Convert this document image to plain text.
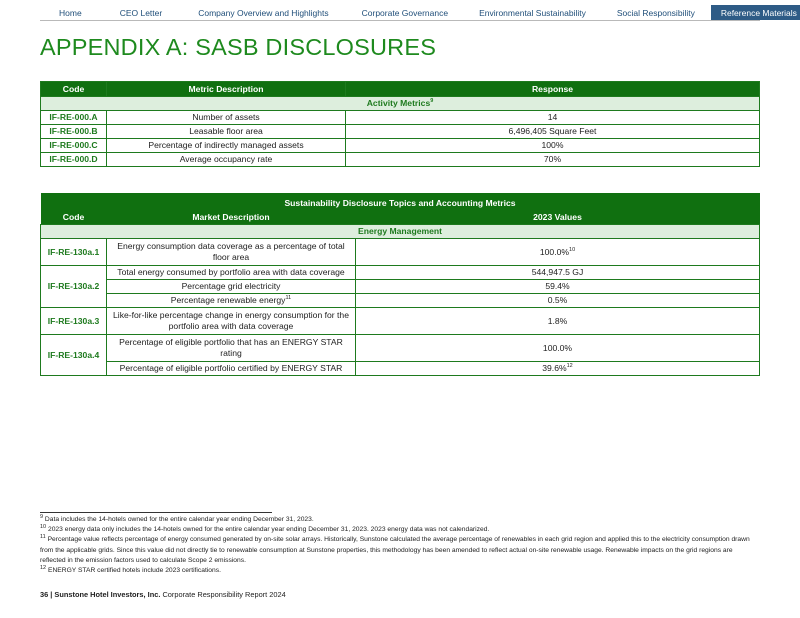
Home	CEO Letter	Company Overview and Highlights	Corporate Governance	Environmental Sustainability	Social Responsibility	Reference Materials
APPENDIX A: SASB DISCLOSURES
Code	Metric Description	Response
Activity Metrics$^9$
IF-RE-000.A	Number of assets	14
IF-RE-000.B	Leasable floor area	6,496,405 Square Feet
IF-RE-000.C	Percentage of indirectly managed assets	100%
IF-RE-000.D	Average occupancy rate	70%
Sustainability Disclosure Topics and Accounting Metrics		
Code	Market Description	2023 Values
Energy Management		
IF-RE-130a.1	Energy consumption data coverage as a percentage of total floor area	100.0%$^{10}$
IF-RE-130a.2	Total energy consumed by portfolio area with data coverage	544,947.5 GJ
	Percentage grid electricity	59.4%
	Percentage renewable energy$^{11}$	0.5%
IF-RE-130a.3	Like-for-like percentage change in energy consumption for the portfolio area with data coverage	1.8%
IF-RE-130a.4	Percentage of eligible portfolio that has an ENERGY STAR rating	100.0%
	Percentage of eligible portfolio certified by ENERGY STAR	39.6%$^{12}$

$^9$ Data includes the 14-hotels owned for the entire calendar year ending December 31, 2023.

$^{10}$ 2023 energy data only includes the 14-hotels owned for the entire calendar year ending December 31, 2023. 2023 energy data was not calendarized.

$^{11}$ Percentage value reflects percentage of energy consumed generated by on-site solar arrays. Historically, Sunstone calculated the average percentage of renewables in each grid region and applied this to the electricity consumption drawn from the applicable grids. Since this value did not directly tie to renewable consumption at Sunstone properties, this methodology has been amended to reflect actual on-site renewable usage. Renewable impacts on the grid regions are reflected in the emission factors used to calculate Scope 2 emissions.

$^{12}$ ENERGY STAR certified hotels include 2023 certifications.

36 | Sunstone Hotel Investors, Inc. Corporate Responsibility Report 2024
